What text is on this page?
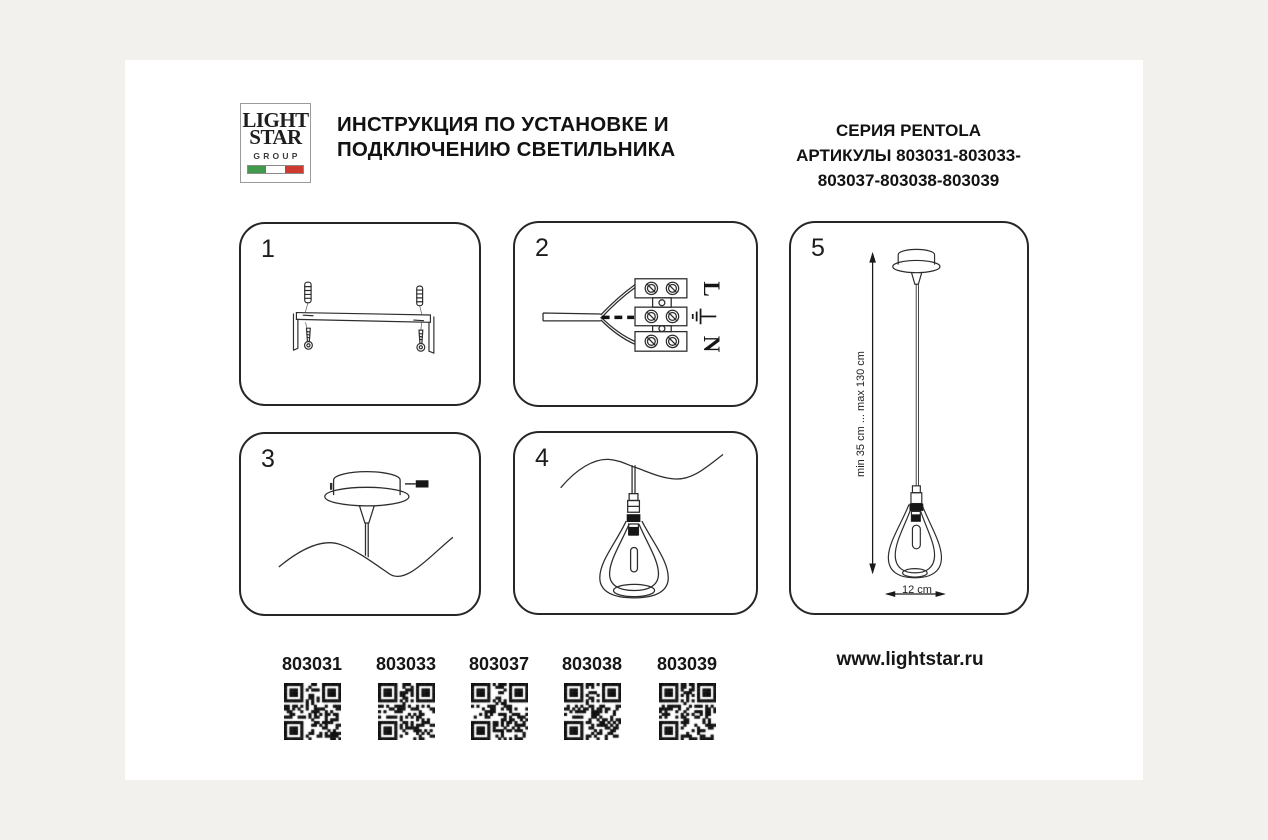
LIGHT
STAR
GROUP
ИНСТРУКЦИЯ ПО УСТАНОВКЕ И
ПОДКЛЮЧЕНИЮ СВЕТИЛЬНИКА
СЕРИЯ PENTOLA
АРТИКУЛЫ 803031-803033-
803037-803038-803039
1	2
L
N
3	4
5
min 35 cm ... max 130 cm
12 cm
803031	803033	803037	803038	803039	www.lightstar.ru
